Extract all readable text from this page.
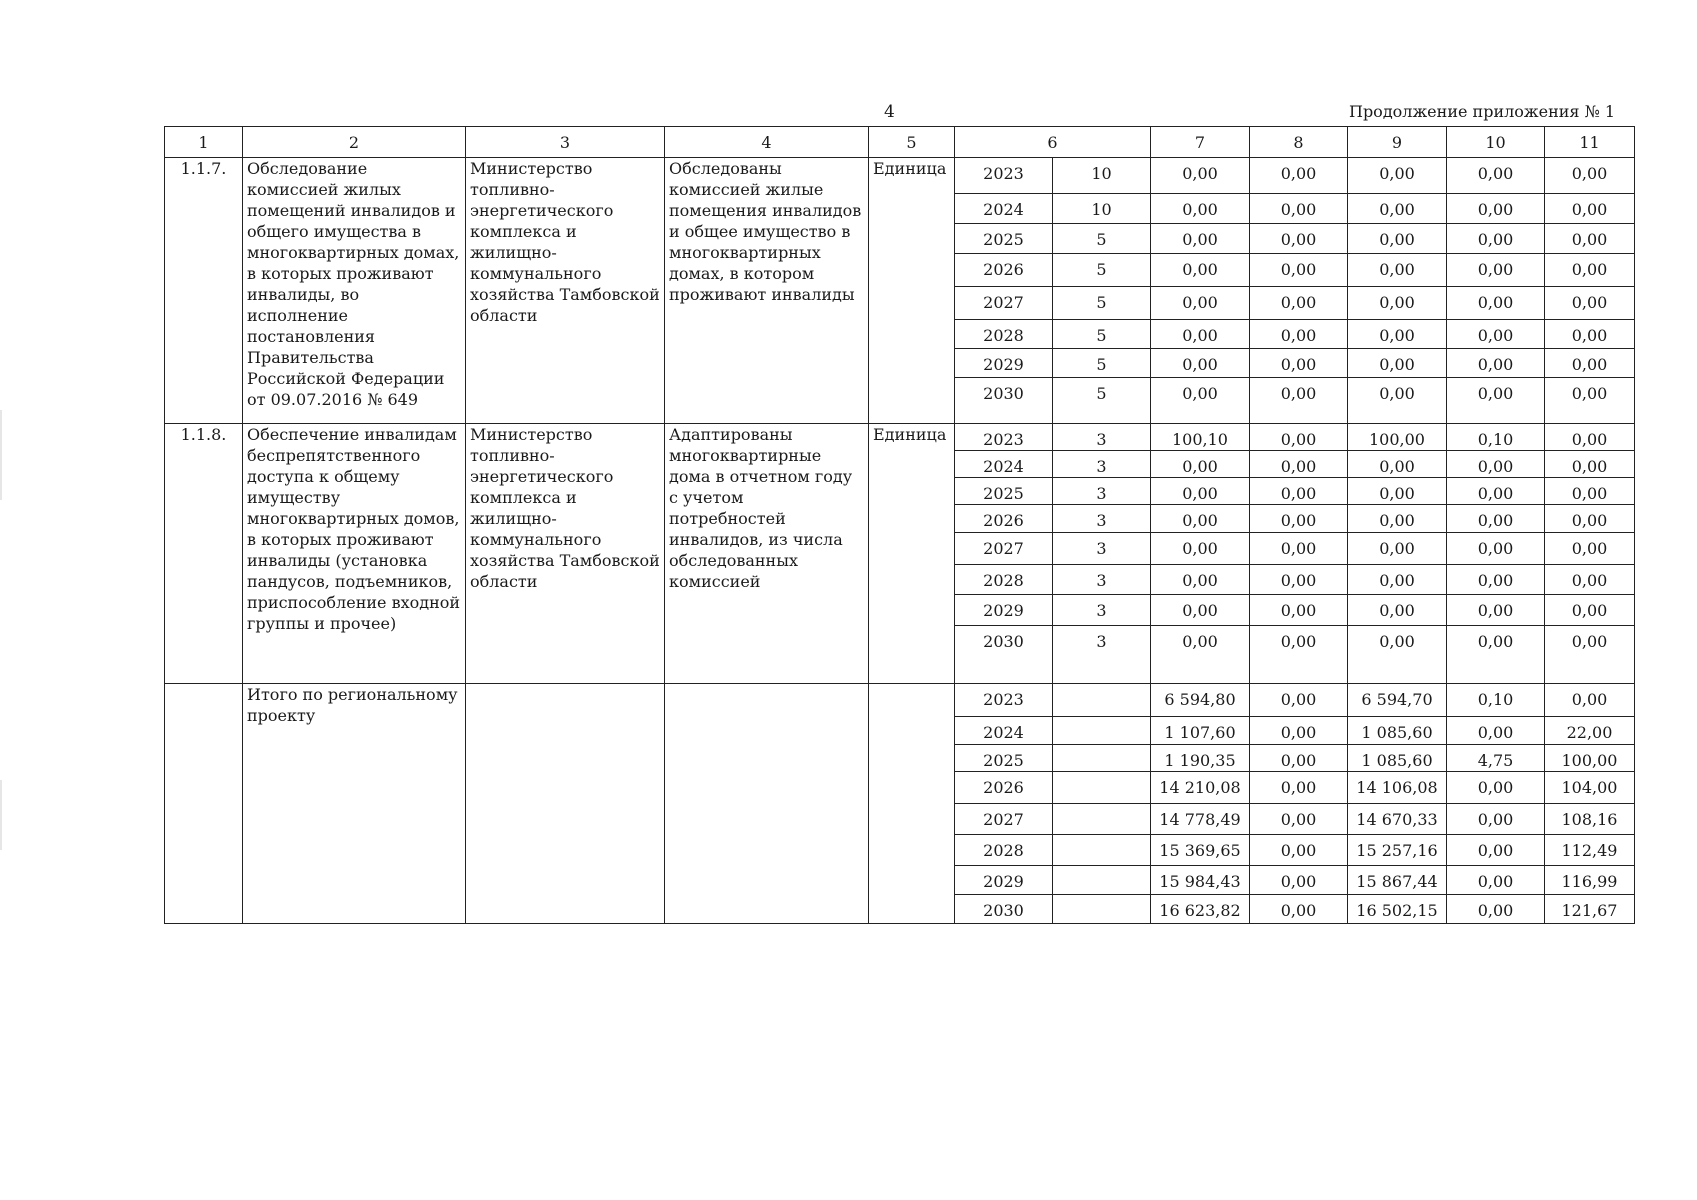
4	Продолжение приложения № 1
1	2	3	4	5	6		7	8	9	10	11
1.1.7.	Обследование комиссией жилых помещений инвалидов и общего имущества в многоквартирных домах, в которых проживают инвалиды, во исполнение постановления Правительства Российской Федерации от 09.07.2016 № 649	Министерство топливно-энергетического комплекса и жилищно-коммунального хозяйства Тамбовской области	Обследованы комиссией жилые помещения инвалидов и общее имущество в многоквартирных домах, в котором проживают инвалиды	Единица	2023	10	0,00	0,00	0,00	0,00	0,00
					2024	10	0,00	0,00	0,00	0,00	0,00
					2025	5	0,00	0,00	0,00	0,00	0,00
					2026	5	0,00	0,00	0,00	0,00	0,00
					2027	5	0,00	0,00	0,00	0,00	0,00
					2028	5	0,00	0,00	0,00	0,00	0,00
					2029	5	0,00	0,00	0,00	0,00	0,00
					2030	5	0,00	0,00	0,00	0,00	0,00
1.1.8.	Обеспечение инвалидам беспрепятственного доступа к общему имуществу многоквартирных домов, в которых проживают инвалиды (установка пандусов, подъемников, приспособление входной группы и прочее)	Министерство топливно-энергетического комплекса и жилищно-коммунального хозяйства Тамбовской области	Адаптированы многоквартирные дома в отчетном году с учетом потребностей инвалидов, из числа обследованных комиссией	Единица	2023	3	100,10	0,00	100,00	0,10	0,00
					2024	3	0,00	0,00	0,00	0,00	0,00
					2025	3	0,00	0,00	0,00	0,00	0,00
					2026	3	0,00	0,00	0,00	0,00	0,00
					2027	3	0,00	0,00	0,00	0,00	0,00
					2028	3	0,00	0,00	0,00	0,00	0,00
					2029	3	0,00	0,00	0,00	0,00	0,00
					2030	3	0,00	0,00	0,00	0,00	0,00
	Итого по региональному проекту				2023		6 594,80	0,00	6 594,70	0,10	0,00
					2024		1 107,60	0,00	1 085,60	0,00	22,00
					2025		1 190,35	0,00	1 085,60	4,75	100,00
					2026		14 210,08	0,00	14 106,08	0,00	104,00
					2027		14 778,49	0,00	14 670,33	0,00	108,16
					2028		15 369,65	0,00	15 257,16	0,00	112,49
					2029		15 984,43	0,00	15 867,44	0,00	116,99
					2030		16 623,82	0,00	16 502,15	0,00	121,67
